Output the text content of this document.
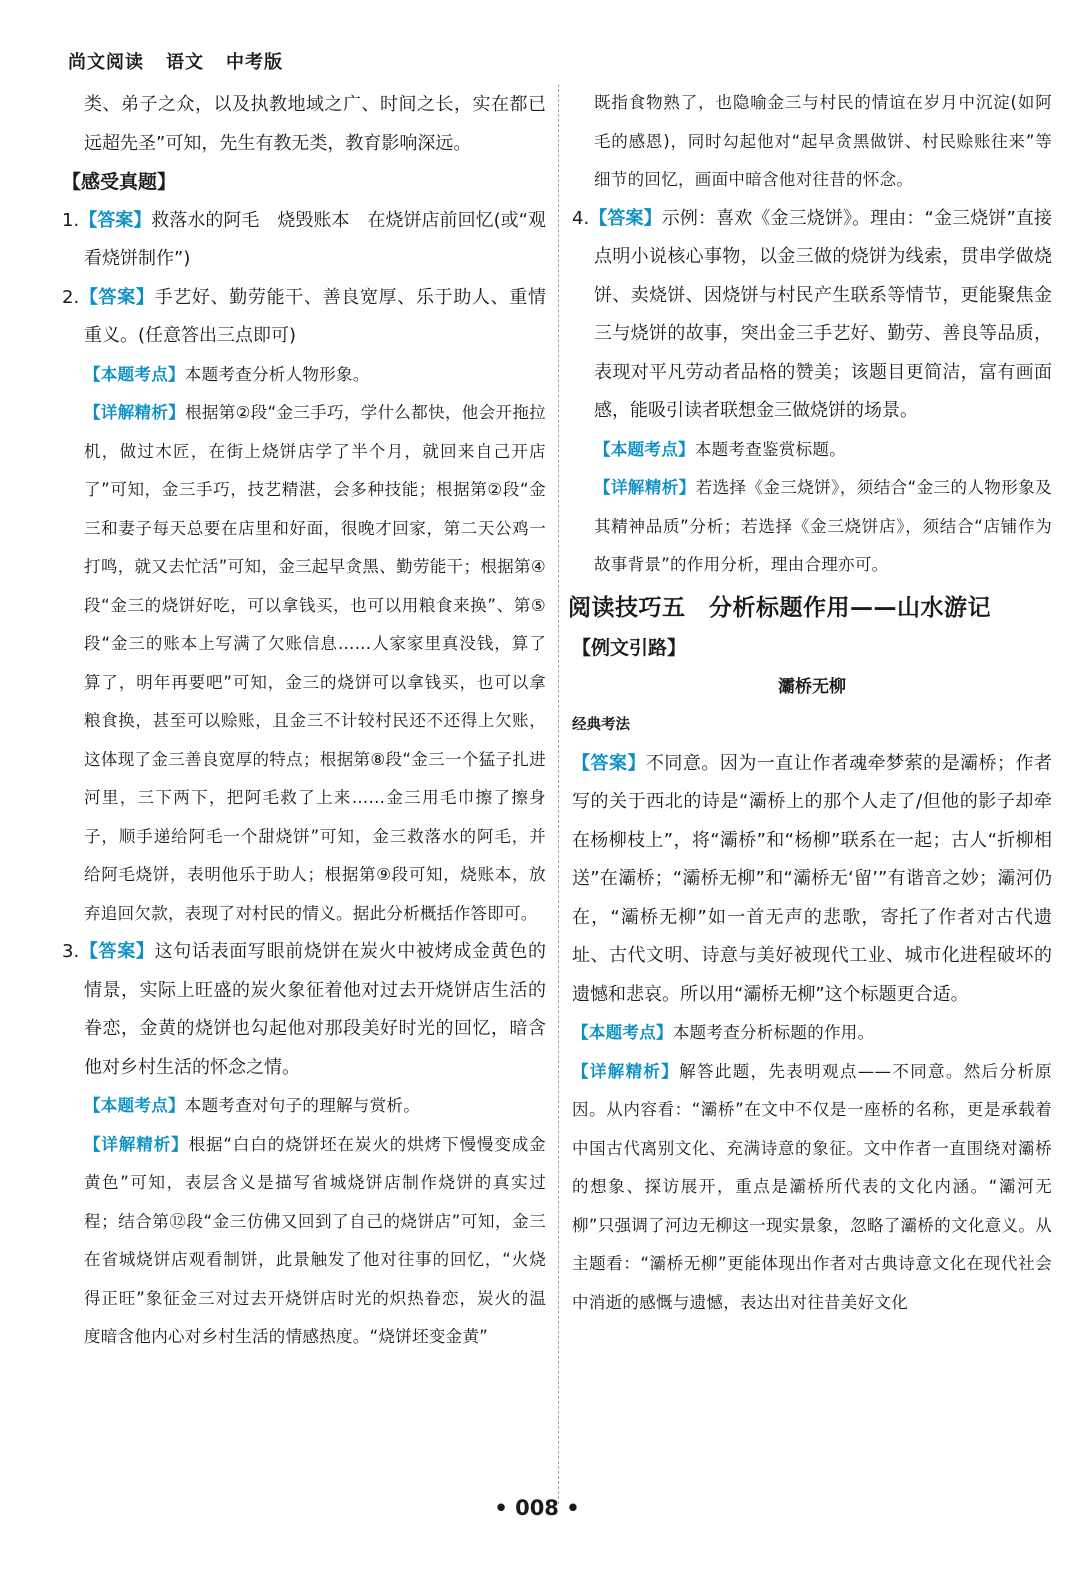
尚文阅读 语文 中考版

类、弟子之众，以及执教地域之广、时间之长，实在都已远超先圣”可知，先生有教无类，教育影响深远。

【感受真题】

1.【答案】救落水的阿毛　烧毁账本　在烧饼店前回忆(或“观看烧饼制作”)

2.【答案】手艺好、勤劳能干、善良宽厚、乐于助人、重情重义。(任意答出三点即可)

【本题考点】本题考查分析人物形象。

【详解精析】根据第②段“金三手巧，学什么都快，他会开拖拉机，做过木匠，在街上烧饼店学了半个月，就回来自己开店了”可知，金三手巧，技艺精湛，会多种技能；根据第②段“金三和妻子每天总要在店里和好面，很晚才回家，第二天公鸡一打鸣，就又去忙活”可知，金三起早贪黑、勤劳能干；根据第④段“金三的烧饼好吃，可以拿钱买，也可以用粮食来换”、第⑤段“金三的账本上写满了欠账信息……人家家里真没钱，算了算了，明年再要吧”可知，金三的烧饼可以拿钱买，也可以拿粮食换，甚至可以赊账，且金三不计较村民还不还得上欠账，这体现了金三善良宽厚的特点；根据第⑧段“金三一个猛子扎进河里，三下两下，把阿毛救了上来……金三用毛巾擦了擦身子，顺手递给阿毛一个甜烧饼”可知，金三救落水的阿毛，并给阿毛烧饼，表明他乐于助人；根据第⑨段可知，烧账本，放弃追回欠款，表现了对村民的情义。据此分析概括作答即可。

3.【答案】这句话表面写眼前烧饼在炭火中被烤成金黄色的情景，实际上旺盛的炭火象征着他对过去开烧饼店生活的眷恋，金黄的烧饼也勾起他对那段美好时光的回忆，暗含他对乡村生活的怀念之情。

【本题考点】本题考查对句子的理解与赏析。

【详解精析】根据“白白的烧饼坯在炭火的烘烤下慢慢变成金黄色”可知，表层含义是描写省城烧饼店制作烧饼的真实过程；结合第⑫段“金三仿佛又回到了自己的烧饼店”可知，金三在省城烧饼店观看制饼，此景触发了他对往事的回忆，“火烧得正旺”象征金三对过去开烧饼店时光的炽热眷恋，炭火的温度暗含他内心对乡村生活的情感热度。“烧饼坯变金黄”

既指食物熟了，也隐喻金三与村民的情谊在岁月中沉淀(如阿毛的感恩)，同时勾起他对“起早贪黑做饼、村民赊账往来”等细节的回忆，画面中暗含他对往昔的怀念。

4.【答案】示例：喜欢《金三烧饼》。理由：“金三烧饼”直接点明小说核心事物，以金三做的烧饼为线索，贯串学做烧饼、卖烧饼、因烧饼与村民产生联系等情节，更能聚焦金三与烧饼的故事，突出金三手艺好、勤劳、善良等品质，表现对平凡劳动者品格的赞美；该题目更简洁，富有画面感，能吸引读者联想金三做烧饼的场景。

【本题考点】本题考查鉴赏标题。

【详解精析】若选择《金三烧饼》，须结合“金三的人物形象及其精神品质”分析；若选择《金三烧饼店》，须结合“店铺作为故事背景”的作用分析，理由合理亦可。

阅读技巧五　分析标题作用——山水游记

【例文引路】

灞桥无柳

经典考法

【答案】不同意。因为一直让作者魂牵梦萦的是灞桥；作者写的关于西北的诗是“灞桥上的那个人走了/但他的影子却牵在杨柳枝上”，将“灞桥”和“杨柳”联系在一起；古人“折柳相送”在灞桥；“灞桥无柳”和“灞桥无‘留’”有谐音之妙；灞河仍在，“灞桥无柳”如一首无声的悲歌，寄托了作者对古代遗址、古代文明、诗意与美好被现代工业、城市化进程破坏的遗憾和悲哀。所以用“灞桥无柳”这个标题更合适。

【本题考点】本题考查分析标题的作用。

【详解精析】解答此题，先表明观点——不同意。然后分析原因。从内容看：“灞桥”在文中不仅是一座桥的名称，更是承载着中国古代离别文化、充满诗意的象征。文中作者一直围绕对灞桥的想象、探访展开，重点是灞桥所代表的文化内涵。“灞河无柳”只强调了河边无柳这一现实景象，忽略了灞桥的文化意义。从主题看：“灞桥无柳”更能体现出作者对古典诗意文化在现代社会中消逝的感慨与遗憾，表达出对往昔美好文化

• 008 •
